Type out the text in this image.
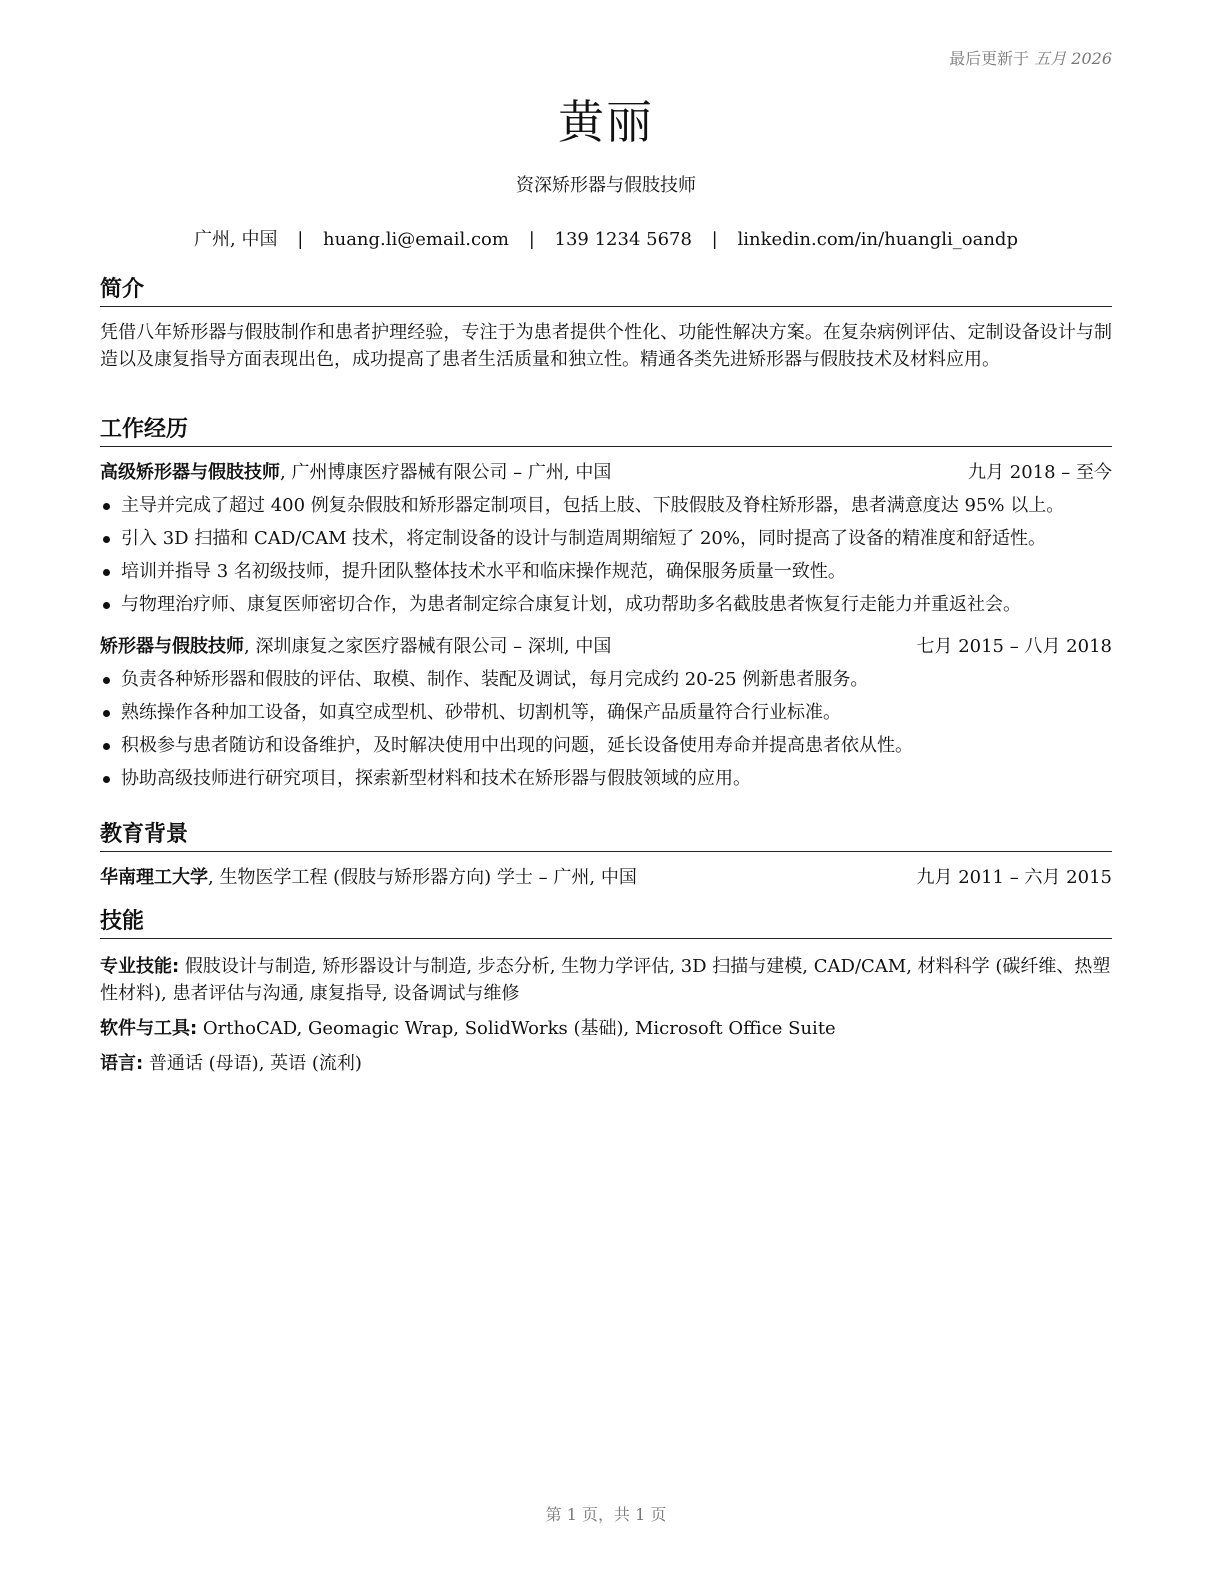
最后更新于 五月 2026
黄丽
资深矫形器与假肢技师
广州, 中国 | huang.li@email.com | 139 1234 5678 | linkedin.com/in/huangli_oandp
简介
凭借八年矫形器与假肢制作和患者护理经验，专注于为患者提供个性化、功能性解决方案。在复杂病例评估、定制设备设计与制造以及康复指导方面表现出色，成功提高了患者生活质量和独立性。精通各类先进矫形器与假肢技术及材料应用。
工作经历
高级矫形器与假肢技师, 广州博康医疗器械有限公司 – 广州, 中国	九月 2018 – 至今
主导并完成了超过 400 例复杂假肢和矫形器定制项目，包括上肢、下肢假肢及脊柱矫形器，患者满意度达 95% 以上。
引入 3D 扫描和 CAD/CAM 技术，将定制设备的设计与制造周期缩短了 20%，同时提高了设备的精准度和舒适性。
培训并指导 3 名初级技师，提升团队整体技术水平和临床操作规范，确保服务质量一致性。
与物理治疗师、康复医师密切合作，为患者制定综合康复计划，成功帮助多名截肢患者恢复行走能力并重返社会。
矫形器与假肢技师, 深圳康复之家医疗器械有限公司 – 深圳, 中国	七月 2015 – 八月 2018
负责各种矫形器和假肢的评估、取模、制作、装配及调试，每月完成约 20-25 例新患者服务。
熟练操作各种加工设备，如真空成型机、砂带机、切割机等，确保产品质量符合行业标准。
积极参与患者随访和设备维护，及时解决使用中出现的问题，延长设备使用寿命并提高患者依从性。
协助高级技师进行研究项目，探索新型材料和技术在矫形器与假肢领域的应用。
教育背景
华南理工大学, 生物医学工程 (假肢与矫形器方向) 学士 – 广州, 中国	九月 2011 – 六月 2015
技能
专业技能: 假肢设计与制造, 矫形器设计与制造, 步态分析, 生物力学评估, 3D 扫描与建模, CAD/CAM, 材料科学 (碳纤维、热塑性材料), 患者评估与沟通, 康复指导, 设备调试与维修
软件与工具: OrthoCAD, Geomagic Wrap, SolidWorks (基础), Microsoft Office Suite
语言: 普通话 (母语), 英语 (流利)
第 1 页，共 1 页
